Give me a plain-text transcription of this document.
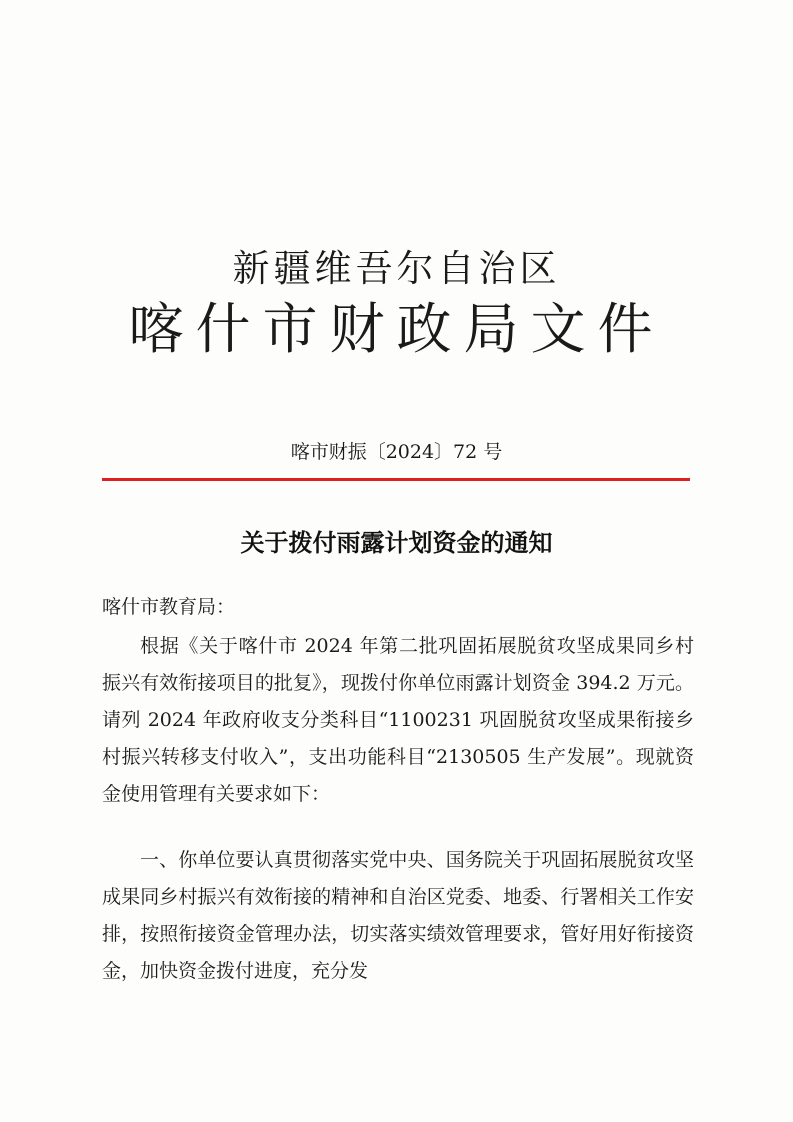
新疆维吾尔自治区
喀什市财政局文件
喀市财振〔2024〕72 号
关于拨付雨露计划资金的通知
喀什市教育局：

根据《关于喀什市 2024 年第二批巩固拓展脱贫攻坚成果同乡村振兴有效衔接项目的批复》，现拨付你单位雨露计划资金 394.2 万元。请列 2024 年政府收支分类科目“1100231 巩固脱贫攻坚成果衔接乡村振兴转移支付收入”，支出功能科目“2130505 生产发展”。现就资金使用管理有关要求如下：

一、你单位要认真贯彻落实党中央、国务院关于巩固拓展脱贫攻坚成果同乡村振兴有效衔接的精神和自治区党委、地委、行署相关工作安排，按照衔接资金管理办法，切实落实绩效管理要求，管好用好衔接资金，加快资金拨付进度，充分发
